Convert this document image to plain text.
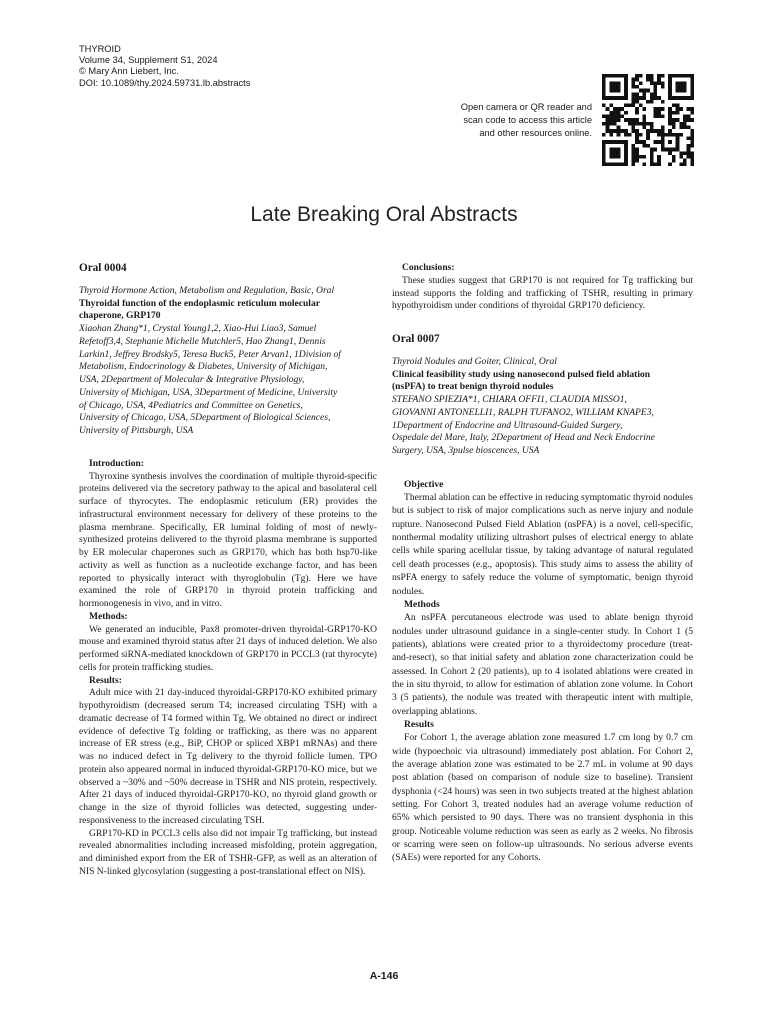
THYROID
Volume 34, Supplement S1, 2024
© Mary Ann Liebert, Inc.
DOI: 10.1089/thy.2024.59731.lb.abstracts
Open camera or QR reader and
scan code to access this article
and other resources online.
Late Breaking Oral Abstracts
Oral 0004
Thyroid Hormone Action, Metabolism and Regulation, Basic, Oral
Thyroidal function of the endoplasmic reticulum molecular
chaperone, GRP170
Xiaohan Zhang*1, Crystal Young1,2, Xiao-Hui Liao3, Samuel
Refetoff3,4, Stephanie Michelle Mutchler5, Hao Zhang1, Dennis
Larkin1, Jeffrey Brodsky5, Teresa Buck5, Peter Arvan1, 1Division of
Metabolism, Endocrinology & Diabetes, University of Michigan,
USA, 2Department of Molecular & Integrative Physiology,
University of Michigan, USA, 3Department of Medicine, University
of Chicago, USA, 4Pediatrics and Committee on Genetics,
University of Chicago, USA, 5Department of Biological Sciences,
University of Pittsburgh, USA
Introduction:

Thyroxine synthesis involves the coordination of multiple thyroid-specific proteins delivered via the secretory pathway to the apical and basolateral cell surface of thyrocytes. The endoplasmic reticulum (ER) provides the infrastructural environment necessary for delivery of these proteins to the plasma membrane. Specifically, ER luminal folding of most of newly-synthesized proteins delivered to the thyroid plasma membrane is supported by ER molecular chaperones such as GRP170, which has both hsp70-like activity as well as function as a nucleotide exchange factor, and has been reported to physically interact with thyroglobulin (Tg). Here we have examined the role of GRP170 in thyroid protein trafficking and hormonogenesis in vivo, and in vitro.

Methods:

We generated an inducible, Pax8 promoter-driven thyroidal-GRP170-KO mouse and examined thyroid status after 21 days of induced deletion. We also performed siRNA-mediated knockdown of GRP170 in PCCL3 (rat thyrocyte) cells for protein trafficking studies.

Results:

Adult mice with 21 day-induced thyroidal-GRP170-KO exhibited primary hypothyroidism (decreased serum T4; increased circulating TSH) with a dramatic decrease of T4 formed within Tg. We obtained no direct or indirect evidence of defective Tg folding or trafficking, as there was no apparent increase of ER stress (e.g., BiP, CHOP or spliced XBP1 mRNAs) and there was no induced defect in Tg delivery to the thyroid follicle lumen. TPO protein also appeared normal in induced thyroidal-GRP170-KO mice, but we observed a ~30% and ~50% decrease in TSHR and NIS protein, respectively. After 21 days of induced thyroidal-GRP170-KO, no thyroid gland growth or change in the size of thyroid follicles was detected, suggesting under-responsiveness to the increased circulating TSH.

GRP170-KD in PCCL3 cells also did not impair Tg trafficking, but instead revealed abnormalities including increased misfolding, protein aggregation, and diminished export from the ER of TSHR-GFP, as well as an alteration of NIS N-linked glycosylation (suggesting a post-translational effect on NIS).

Conclusions:

These studies suggest that GRP170 is not required for Tg trafficking but instead supports the folding and trafficking of TSHR, resulting in primary hypothyroidism under conditions of thyroidal GRP170 deficiency.

Oral 0007
Thyroid Nodules and Goiter, Clinical, Oral
Clinical feasibility study using nanosecond pulsed field ablation
(nsPFA) to treat benign thyroid nodules
STEFANO SPIEZIA*1, CHIARA OFFI1, CLAUDIA MISSO1,
GIOVANNI ANTONELLI1, RALPH TUFANO2, WILLIAM KNAPE3,
1Department of Endocrine and Ultrasound-Guided Surgery,
Ospedale del Mare, Italy, 2Department of Head and Neck Endocrine
Surgery, USA, 3pulse bioscences, USA
Objective

Thermal ablation can be effective in reducing symptomatic thyroid nodules but is subject to risk of major complications such as nerve injury and nodule rupture. Nanosecond Pulsed Field Ablation (nsPFA) is a novel, cell-specific, nonthermal modality utilizing ultrashort pulses of electrical energy to ablate cells while sparing acellular tissue, by taking advantage of natural regulated cell death processes (e.g., apoptosis). This study aims to assess the ability of nsPFA energy to safely reduce the volume of symptomatic, benign thyroid nodules.

Methods

An nsPFA percutaneous electrode was used to ablate benign thyroid nodules under ultrasound guidance in a single-center study. In Cohort 1 (5 patients), ablations were created prior to a thyroidectomy procedure (treat-and-resect), so that initial safety and ablation zone characterization could be assessed. In Cohort 2 (20 patients), up to 4 isolated ablations were created in the in situ thyroid, to allow for estimation of ablation zone volume. In Cohort 3 (5 patients), the nodule was treated with therapeutic intent with multiple, overlapping ablations.

Results

For Cohort 1, the average ablation zone measured 1.7 cm long by 0.7 cm wide (hypoechoic via ultrasound) immediately post ablation. For Cohort 2, the average ablation zone was estimated to be 2.7 mL in volume at 90 days post ablation (based on comparison of nodule size to baseline). Transient dysphonia (<24 hours) was seen in two subjects treated at the highest ablation setting. For Cohort 3, treated nodules had an average volume reduction of 65% which persisted to 90 days. There was no transient dysphonia in this group. Noticeable volume reduction was seen as early as 2 weeks. No fibrosis or scarring were seen on follow-up ultrasounds. No serious adverse events (SAEs) were reported for any Cohorts.

A-146
